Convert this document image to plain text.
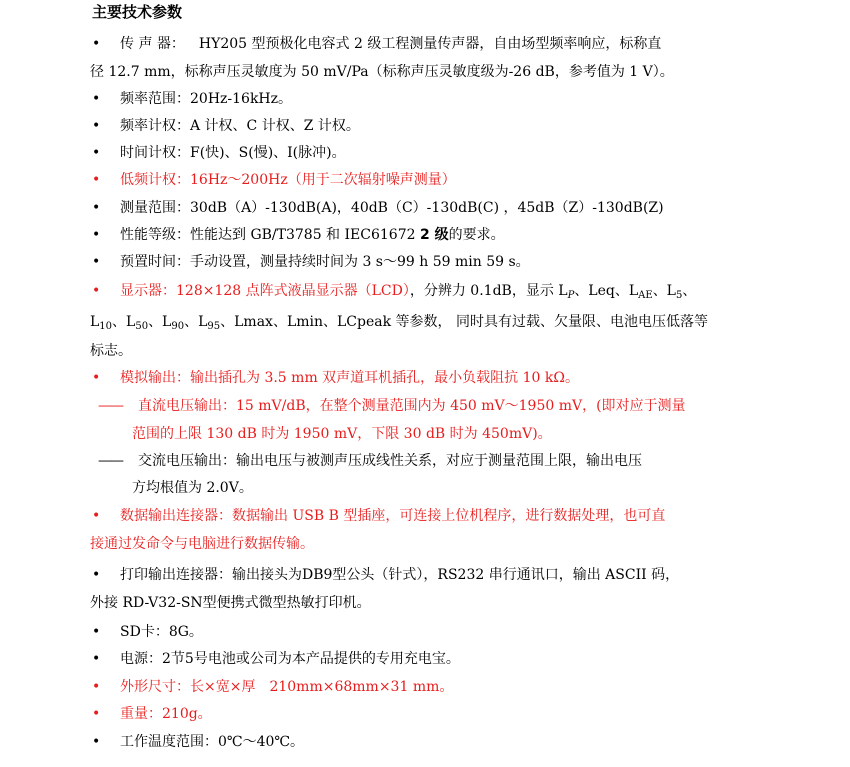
主要技术参数
• 传 声 器： HY205 型预极化电容式 2 级工程测量传声器，自由场型频率响应，标称直
径 12.7 mm，标称声压灵敏度为 50 mV/Pa（标称声压灵敏度级为-26 dB，参考值为 1 V）。
• 频率范围：20Hz-16kHz。
• 频率计权：A 计权、C 计权、Z 计权。
• 时间计权：F(快)、S(慢)、I(脉冲)。
• 低频计权：16Hz～200Hz（用于二次辐射噪声测量）
• 测量范围：30dB（A）-130dB(A)，40dB（C）-130dB(C) ，45dB（Z）-130dB(Z)
• 性能等级：性能达到 GB/T3785 和 IEC61672 2 级的要求。
• 预置时间：手动设置，测量持续时间为 3 s～99 h 59 min 59 s。
• 显示器：128×128 点阵式液晶显示器（LCD），分辨力 0.1dB，显示 $L_P$、Leq、$L_{AE}$、$L_5$、
$L_{10}$、$L_{50}$、$L_{90}$、$L_{95}$、Lmax、Lmin、LCpeak 等参数， 同时具有过载、欠量限、电池电压低落等
标志。
• 模拟输出：输出插孔为 3.5 mm 双声道耳机插孔，最小负载阻抗 10 kΩ。
—— 直流电压输出：15 mV/dB，在整个测量范围内为 450 mV～1950 mV，(即对应于测量
范围的上限 130 dB 时为 1950 mV，下限 30 dB 时为 450mV)。
—— 交流电压输出：输出电压与被测声压成线性关系，对应于测量范围上限，输出电压
方均根值为 2.0V。
• 数据输出连接器：数据输出 USB B 型插座，可连接上位机程序，进行数据处理，也可直
接通过发命令与电脑进行数据传输。
• 打印输出连接器：输出接头为DB9型公头（针式），RS232 串行通讯口，输出 ASCII 码，
外接 RD-V32-SN型便携式微型热敏打印机。
• SD卡：8G。
• 电源：2节5号电池或公司为本产品提供的专用充电宝。
• 外形尺寸：长×宽×厚　210mm×68mm×31 mm。
• 重量：210g。
• 工作温度范围：0℃～40℃。
